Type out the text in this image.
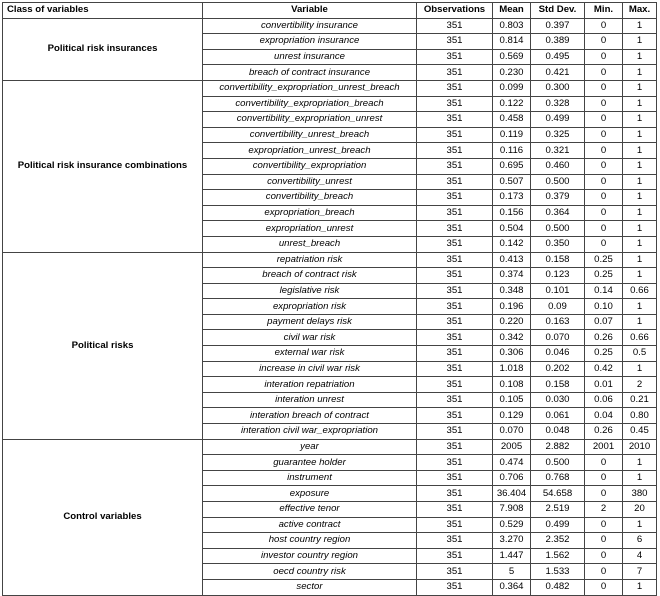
Class of variables	Variable	Observations	Mean	Std Dev.	Min.	Max.
Political risk insurances	convertibility insurance	351	0.803	0.397	0	1
	expropriation insurance	351	0.814	0.389	0	1
	unrest insurance	351	0.569	0.495	0	1
	breach of contract insurance	351	0.230	0.421	0	1
Political risk insurance combinations	convertibility_expropriation_unrest_breach	351	0.099	0.300	0	1
	convertibility_expropriation_breach	351	0.122	0.328	0	1
	convertibility_expropriation_unrest	351	0.458	0.499	0	1
	convertibility_unrest_breach	351	0.119	0.325	0	1
	expropriation_unrest_breach	351	0.116	0.321	0	1
	convertibility_expropriation	351	0.695	0.460	0	1
	convertibility_unrest	351	0.507	0.500	0	1
	convertibility_breach	351	0.173	0.379	0	1
	expropriation_breach	351	0.156	0.364	0	1
	expropriation_unrest	351	0.504	0.500	0	1
	unrest_breach	351	0.142	0.350	0	1
Political risks	repatriation risk	351	0.413	0.158	0.25	1
	breach of contract risk	351	0.374	0.123	0.25	1
	legislative risk	351	0.348	0.101	0.14	0.66
	expropriation risk	351	0.196	0.09	0.10	1
	payment delays risk	351	0.220	0.163	0.07	1
	civil war risk	351	0.342	0.070	0.26	0.66
	external war risk	351	0.306	0.046	0.25	0.5
	increase in civil war risk	351	1.018	0.202	0.42	1
	interation repatriation	351	0.108	0.158	0.01	2
	interation unrest	351	0.105	0.030	0.06	0.21
	interation breach of contract	351	0.129	0.061	0.04	0.80
	interation civil war_expropriation	351	0.070	0.048	0.26	0.45
Control variables	year	351	2005	2.882	2001	2010
	guarantee holder	351	0.474	0.500	0	1
	instrument	351	0.706	0.768	0	1
	exposure	351	36.404	54.658	0	380
	effective tenor	351	7.908	2.519	2	20
	active contract	351	0.529	0.499	0	1
	host country region	351	3.270	2.352	0	6
	investor country region	351	1.447	1.562	0	4
	oecd country risk	351	5	1.533	0	7
	sector	351	0.364	0.482	0	1
